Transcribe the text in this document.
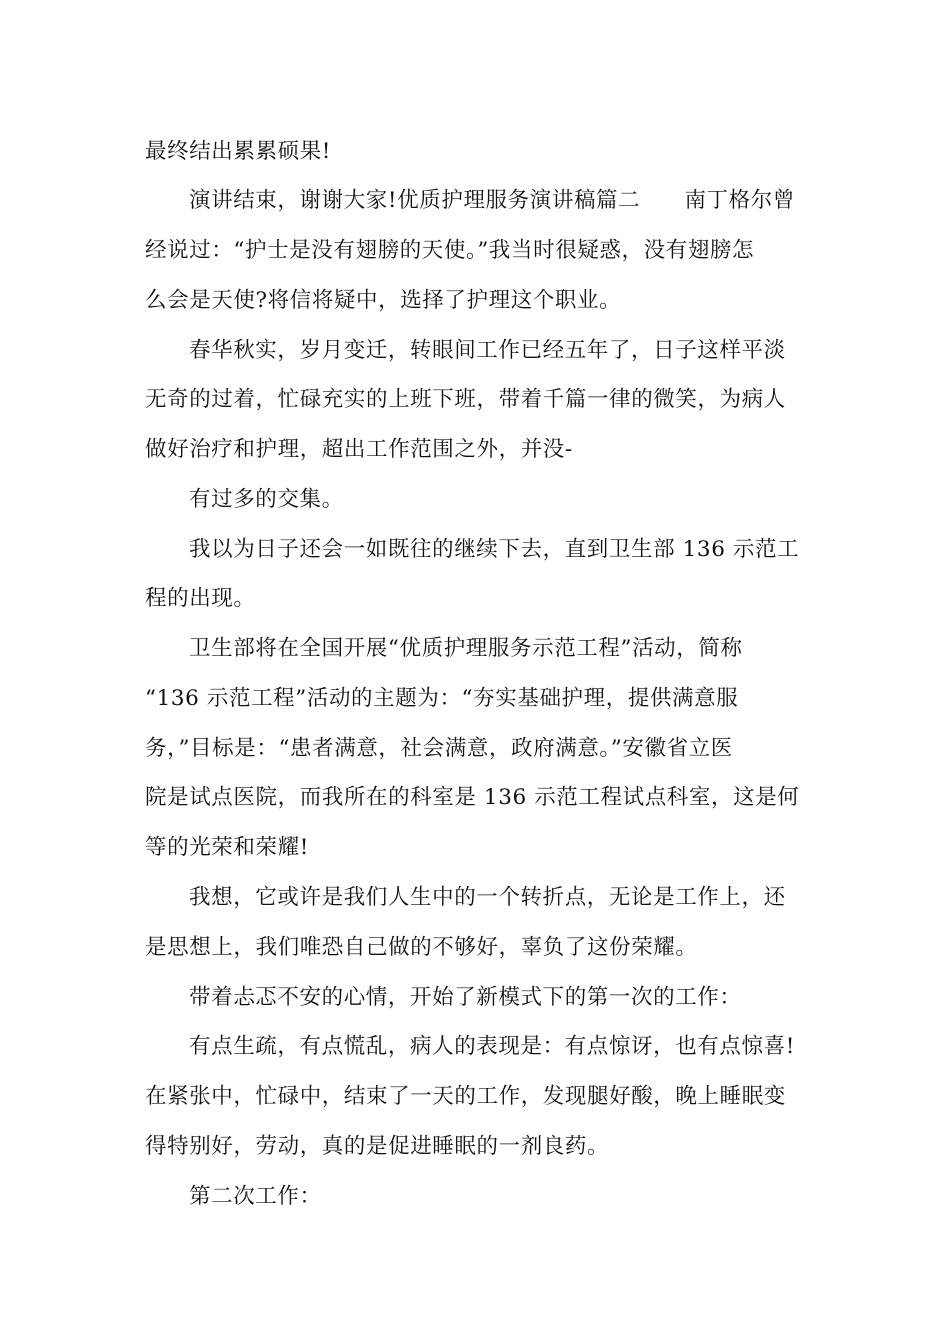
最终结出累累硕果!
演讲结束，谢谢大家!优质护理服务演讲稿篇二　　南丁格尔曾
经说过：“护士是没有翅膀的天使。”我当时很疑惑，没有翅膀怎
么会是天使?将信将疑中，选择了护理这个职业。
春华秋实，岁月变迁，转眼间工作已经五年了，日子这样平淡
无奇的过着，忙碌充实的上班下班，带着千篇一律的微笑，为病人
做好治疗和护理，超出工作范围之外，并没-
有过多的交集。
我以为日子还会一如既往的继续下去，直到卫生部 136 示范工
程的出现。
卫生部将在全国开展“优质护理服务示范工程”活动，简称
“136 示范工程”活动的主题为：“夯实基础护理，提供满意服
务，”目标是：“患者满意，社会满意，政府满意。”安徽省立医
院是试点医院，而我所在的科室是 136 示范工程试点科室，这是何
等的光荣和荣耀!
我想，它或许是我们人生中的一个转折点，无论是工作上，还
是思想上，我们唯恐自己做的不够好，辜负了这份荣耀。
带着忐忑不安的心情，开始了新模式下的第一次的工作：
有点生疏，有点慌乱，病人的表现是：有点惊讶，也有点惊喜!
在紧张中，忙碌中，结束了一天的工作，发现腿好酸，晚上睡眠变
得特别好，劳动，真的是促进睡眠的一剂良药。
第二次工作：
